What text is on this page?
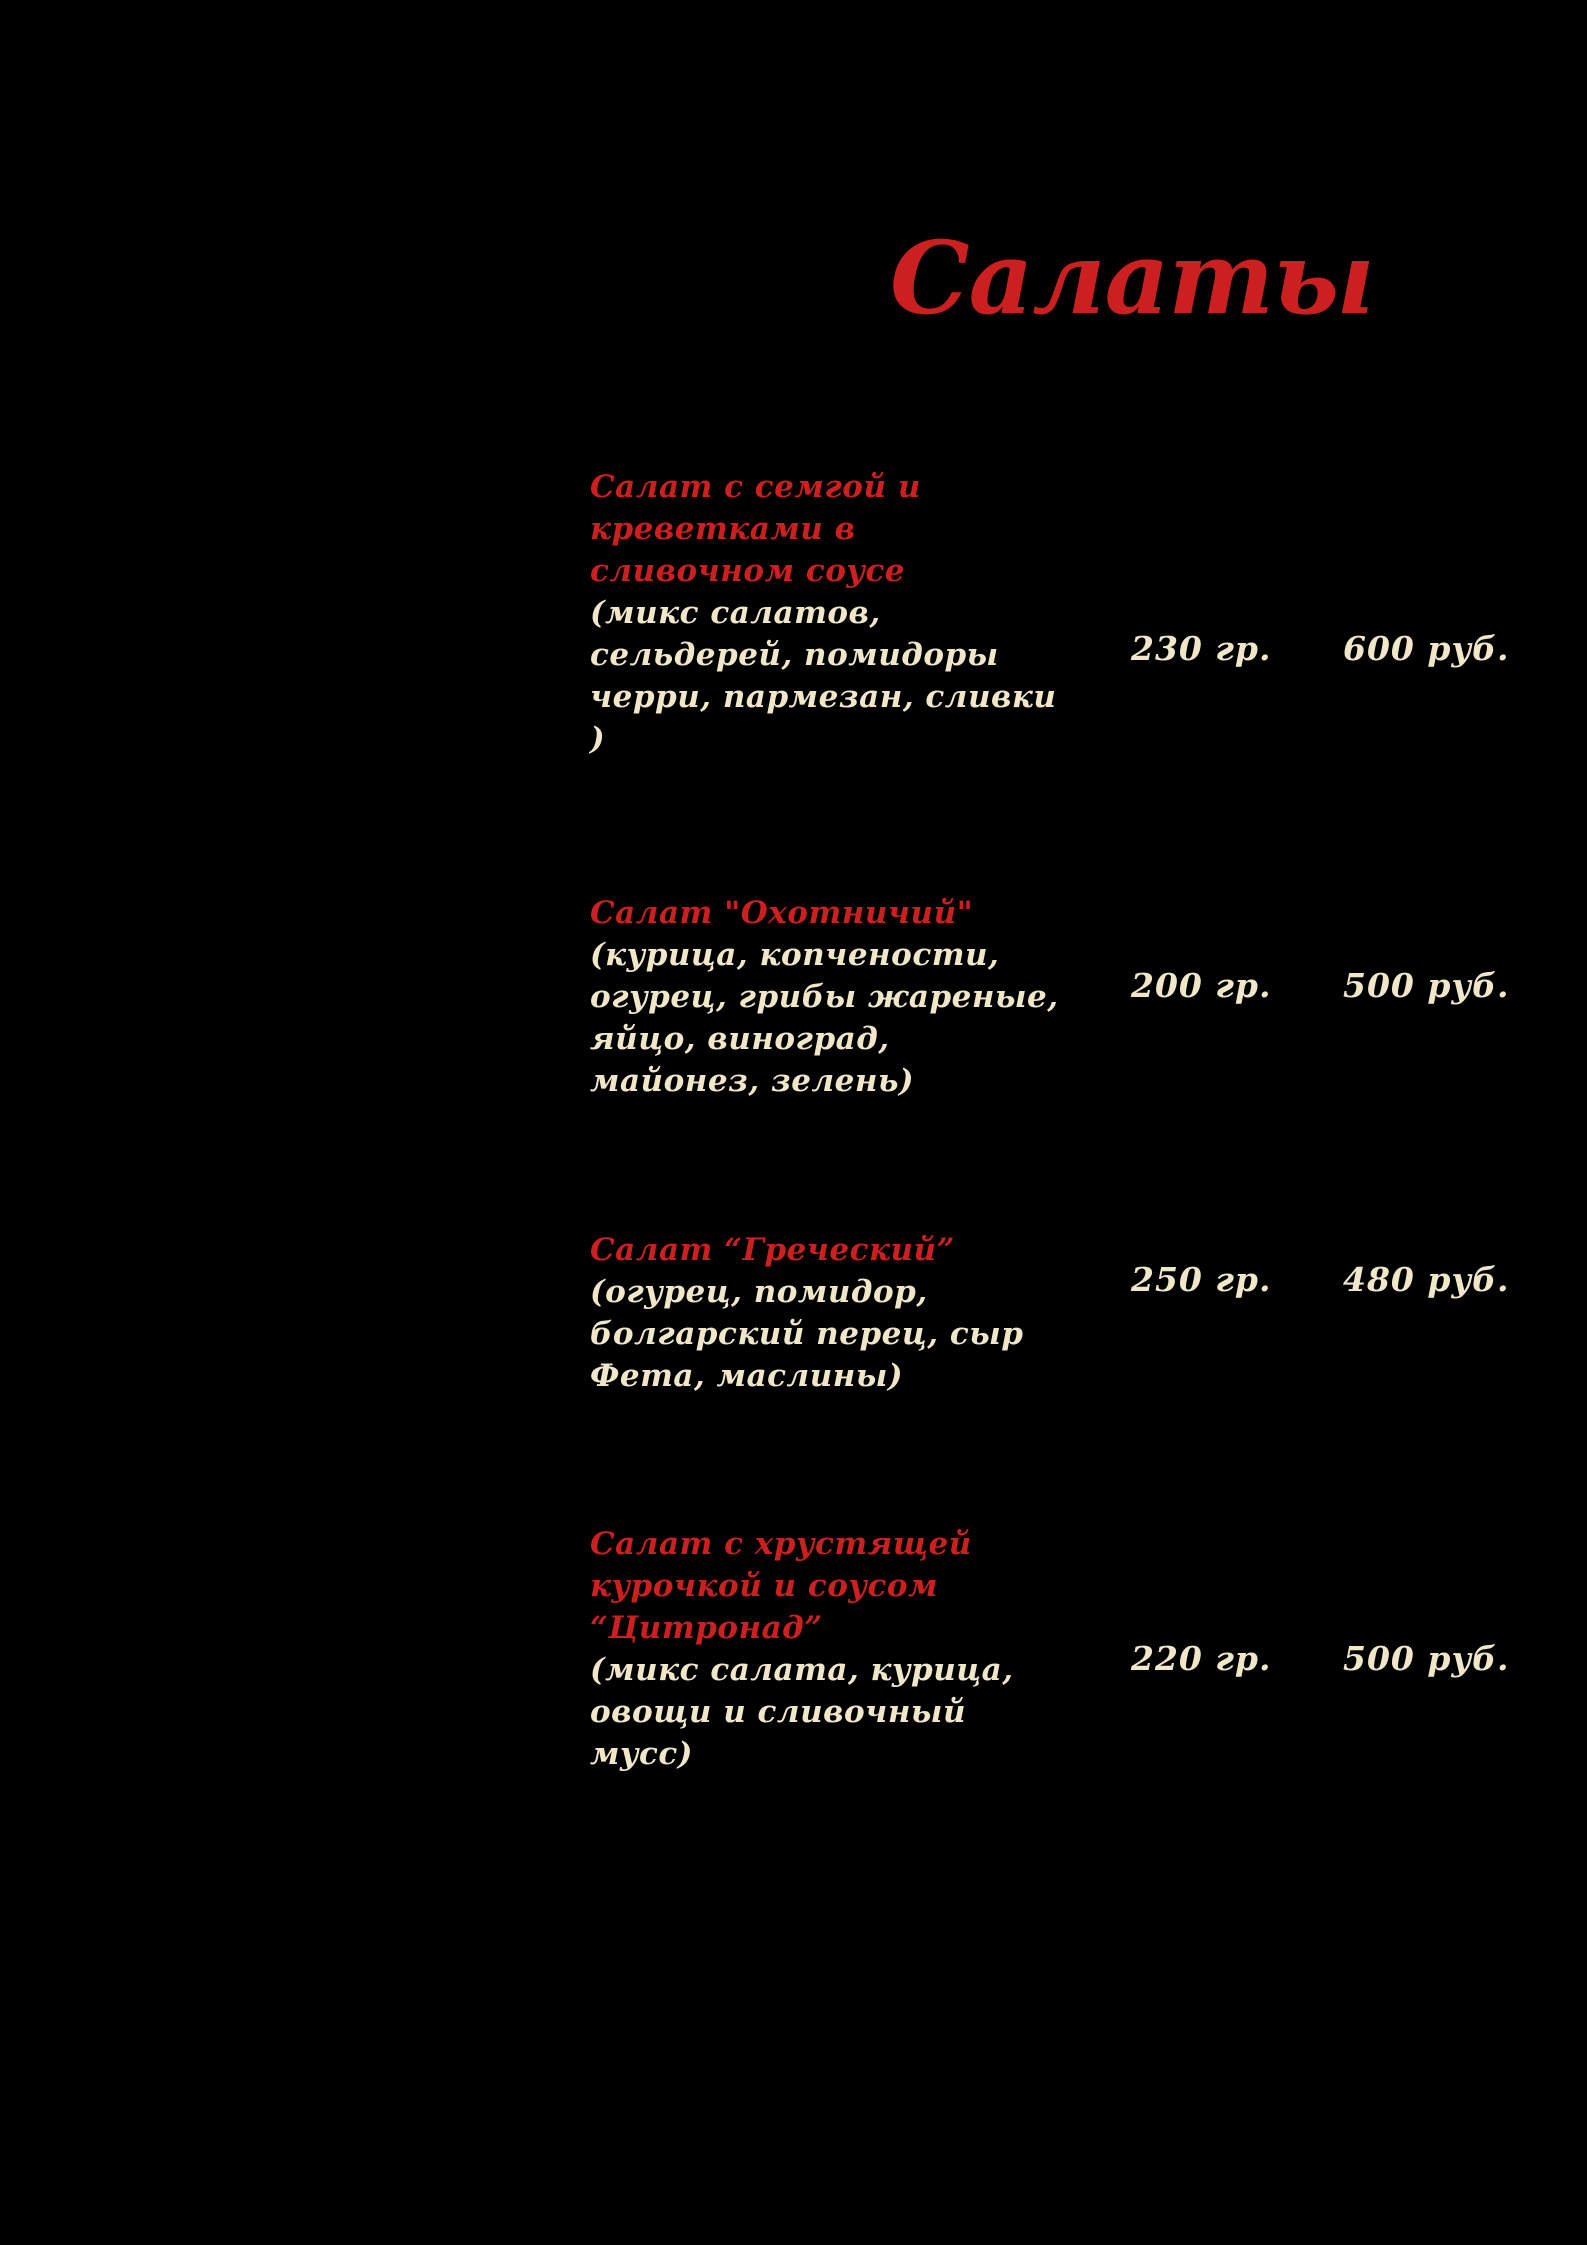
Салаты
Салат с семгой и креветками в сливочном соусе
(микс салатов, сельдерей, помидоры черри, пармезан, сливки )
230 гр. 600 руб.
Салат "Охотничий"
(курица, копчености, огурец, грибы жареные, яйцо, виноград, майонез, зелень)
200 гр. 500 руб.
Салат “Греческий”
(огурец, помидор, болгарский перец, сыр Фета, маслины)
250 гр. 480 руб.
Салат с хрустящей курочкой и соусом “Цитронад”
(микс салата, курица, овощи и сливочный мусс)
220 гр. 500 руб.
